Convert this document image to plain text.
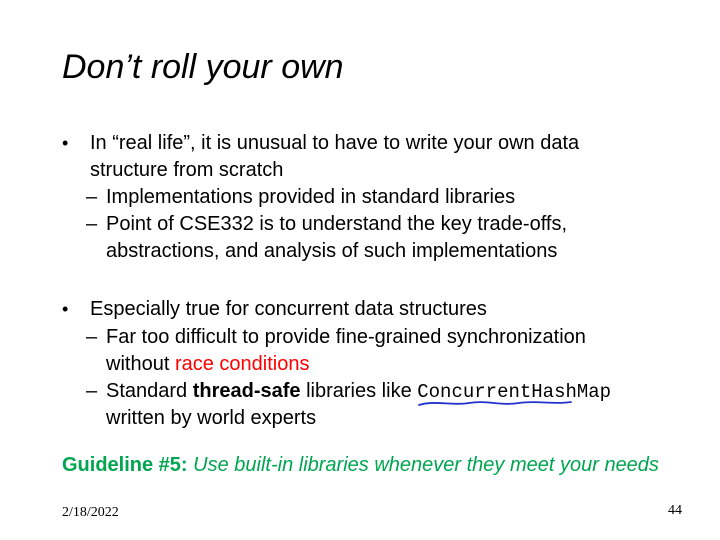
Don’t roll your own
• In “real life”, it is unusual to have to write your own data structure from scratch
– Implementations provided in standard libraries
– Point of CSE332 is to understand the key trade-offs, abstractions, and analysis of such implementations
• Especially true for concurrent data structures
– Far too difficult to provide fine-grained synchronization without race conditions
– Standard thread-safe libraries like ConcurrentHashMap
written by world experts
Guideline #5: Use built-in libraries whenever they meet your needs
2/18/2022	44
